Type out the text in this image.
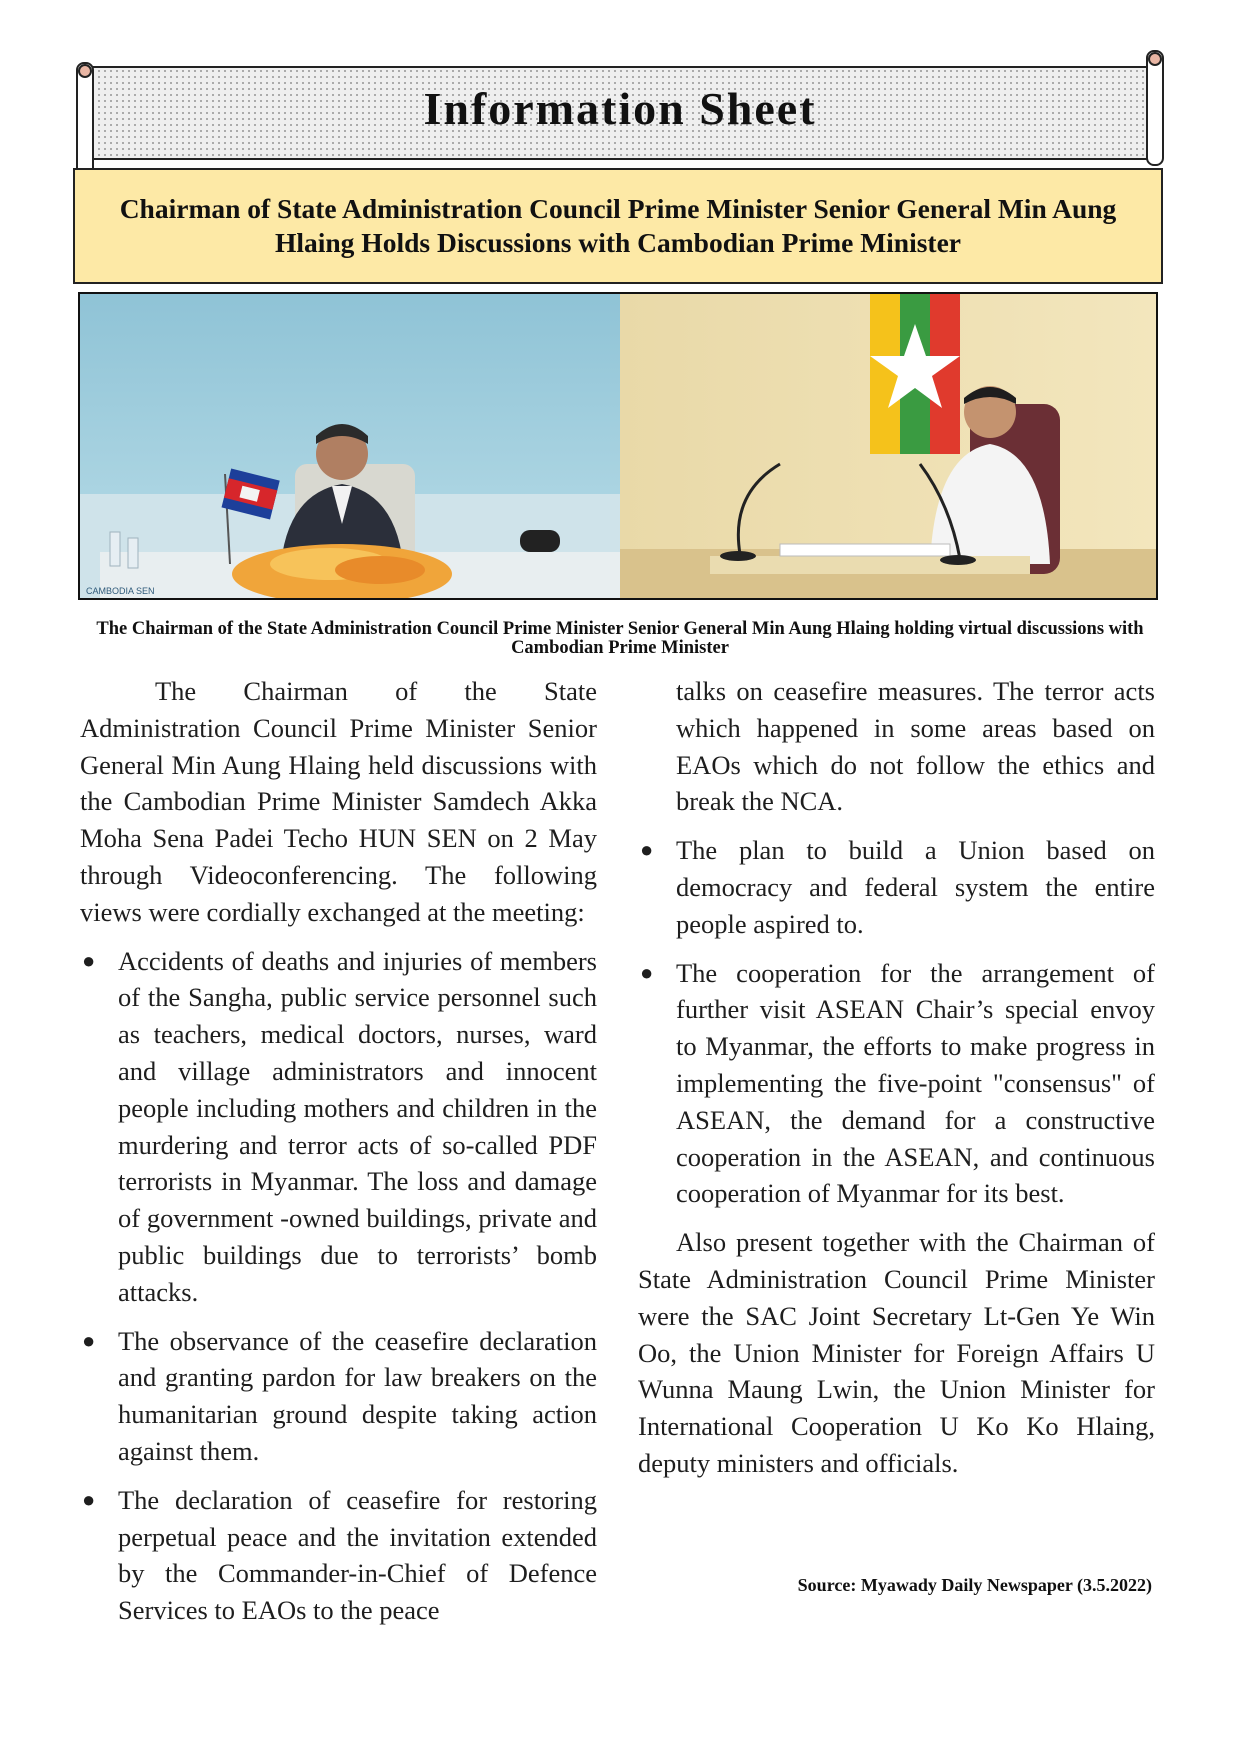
Information Sheet
Chairman of State Administration Council Prime Minister Senior General Min Aung Hlaing Holds Discussions with Cambodian Prime Minister
CAMBODIA SEN
The Chairman of the State Administration Council Prime Minister Senior General Min Aung Hlaing holding virtual discussions with Cambodian Prime Minister

The Chairman of the State Administration Council Prime Minister Senior General Min Aung Hlaing held discussions with the Cambodian Prime Minister Samdech Akka Moha Sena Padei Techo HUN SEN on 2 May through Videoconferencing. The following views were cordially exchanged at the meeting:

● Accidents of deaths and injuries of members of the Sangha, public service personnel such as teachers, medical doctors, nurses, ward and village administrators and innocent people including mothers and children in the murdering and terror acts of so-called PDF terrorists in Myanmar. The loss and damage of government -owned buildings, private and public buildings due to terrorists’ bomb attacks.
● The observance of the ceasefire declaration and granting pardon for law breakers on the humanitarian ground despite taking action against them.
● The declaration of ceasefire for restoring perpetual peace and the invitation extended by the Commander-in-Chief of Defence Services to EAOs to the peace

talks on ceasefire measures. The terror acts which happened in some areas based on EAOs which do not follow the ethics and break the NCA.

● The plan to build a Union based on democracy and federal system the entire people aspired to.
● The cooperation for the arrangement of further visit ASEAN Chair’s special envoy to Myanmar, the efforts to make progress in implementing the five-point "consensus" of ASEAN, the demand for a constructive cooperation in the ASEAN, and continuous cooperation of Myanmar for its best.

Also present together with the Chairman of State Administration Council Prime Minister were the SAC Joint Secretary Lt-Gen Ye Win Oo, the Union Minister for Foreign Affairs U Wunna Maung Lwin, the Union Minister for International Cooperation U Ko Ko Hlaing, deputy ministers and officials.

Source: Myawady Daily Newspaper (3.5.2022)
